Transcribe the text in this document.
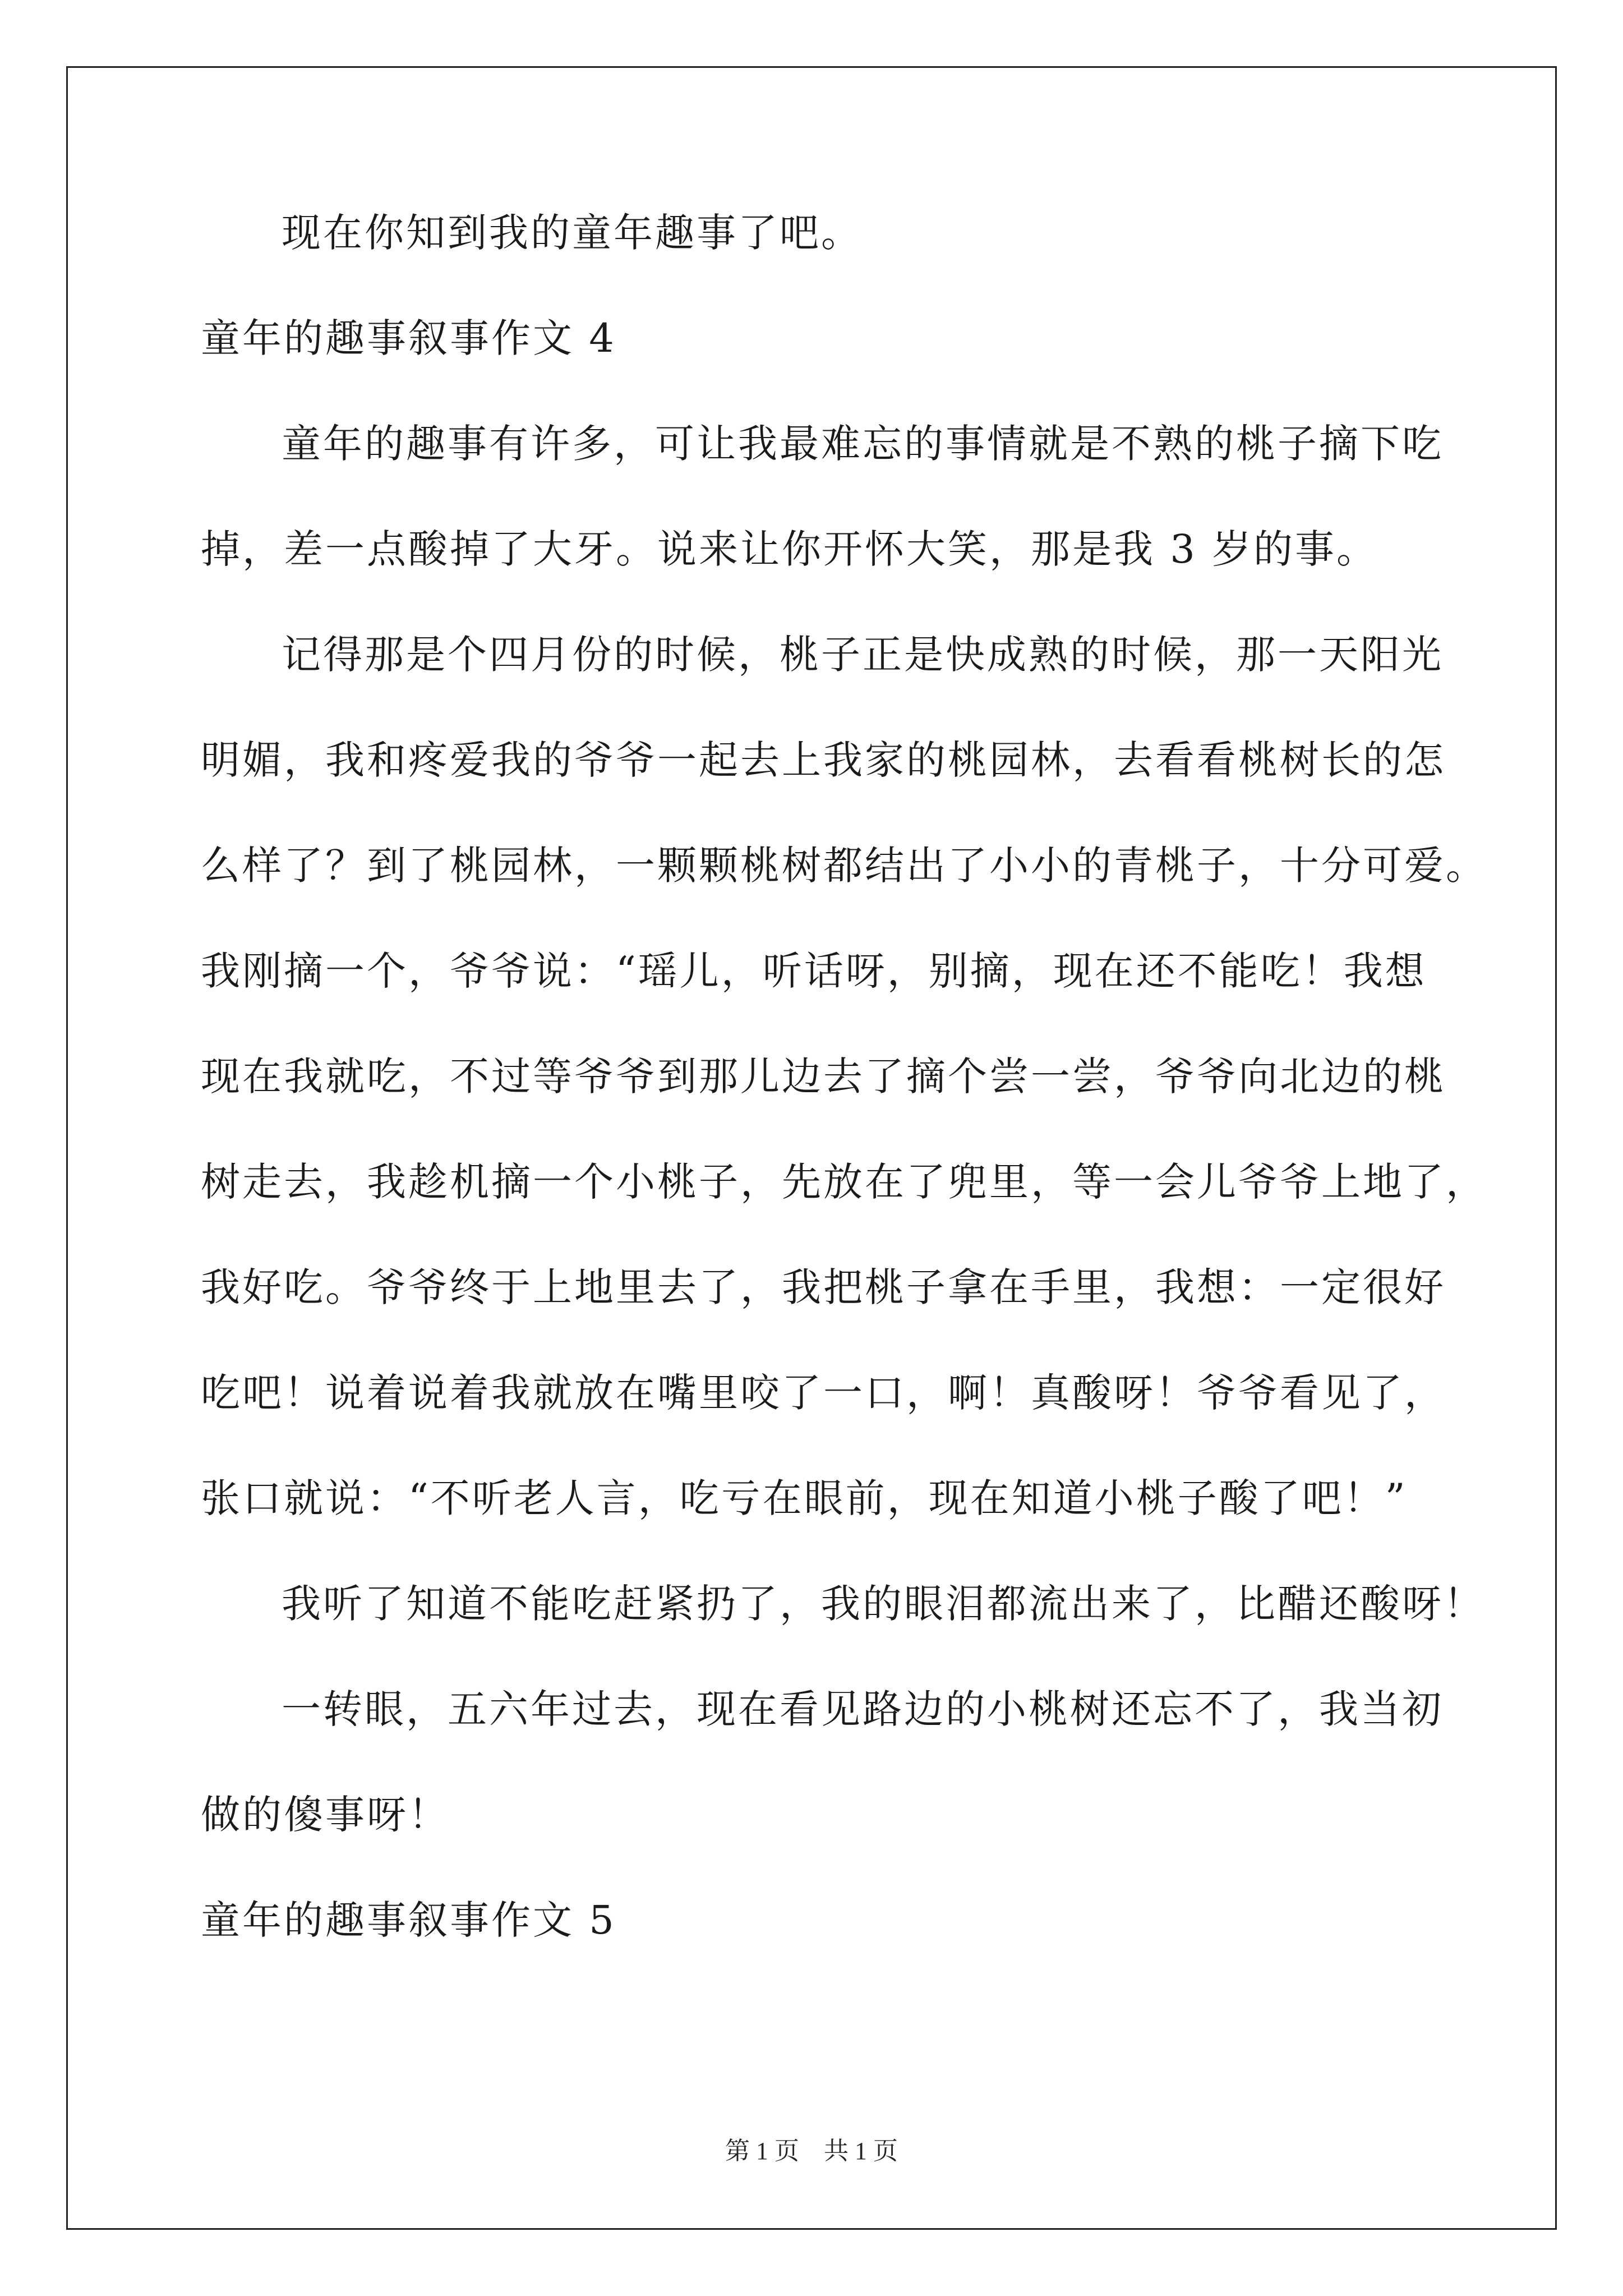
现在你知到我的童年趣事了吧。
童年的趣事叙事作文 4
童年的趣事有许多，可让我最难忘的事情就是不熟的桃子摘下吃
掉，差一点酸掉了大牙。说来让你开怀大笑，那是我 3 岁的事。
记得那是个四月份的时候，桃子正是快成熟的时候，那一天阳光
明媚，我和疼爱我的爷爷一起去上我家的桃园林，去看看桃树长的怎
么样了？到了桃园林，一颗颗桃树都结出了小小的青桃子，十分可爱。
我刚摘一个，爷爷说：“瑶儿，听话呀，别摘，现在还不能吃！我想
现在我就吃，不过等爷爷到那儿边去了摘个尝一尝，爷爷向北边的桃
树走去，我趁机摘一个小桃子，先放在了兜里，等一会儿爷爷上地了，
我好吃。爷爷终于上地里去了，我把桃子拿在手里，我想：一定很好
吃吧！说着说着我就放在嘴里咬了一口，啊！真酸呀！爷爷看见了，
张口就说：“不听老人言，吃亏在眼前，现在知道小桃子酸了吧！”
我听了知道不能吃赶紧扔了，我的眼泪都流出来了，比醋还酸呀！
一转眼，五六年过去，现在看见路边的小桃树还忘不了，我当初
做的傻事呀！
童年的趣事叙事作文 5
第 1 页　共 1 页
